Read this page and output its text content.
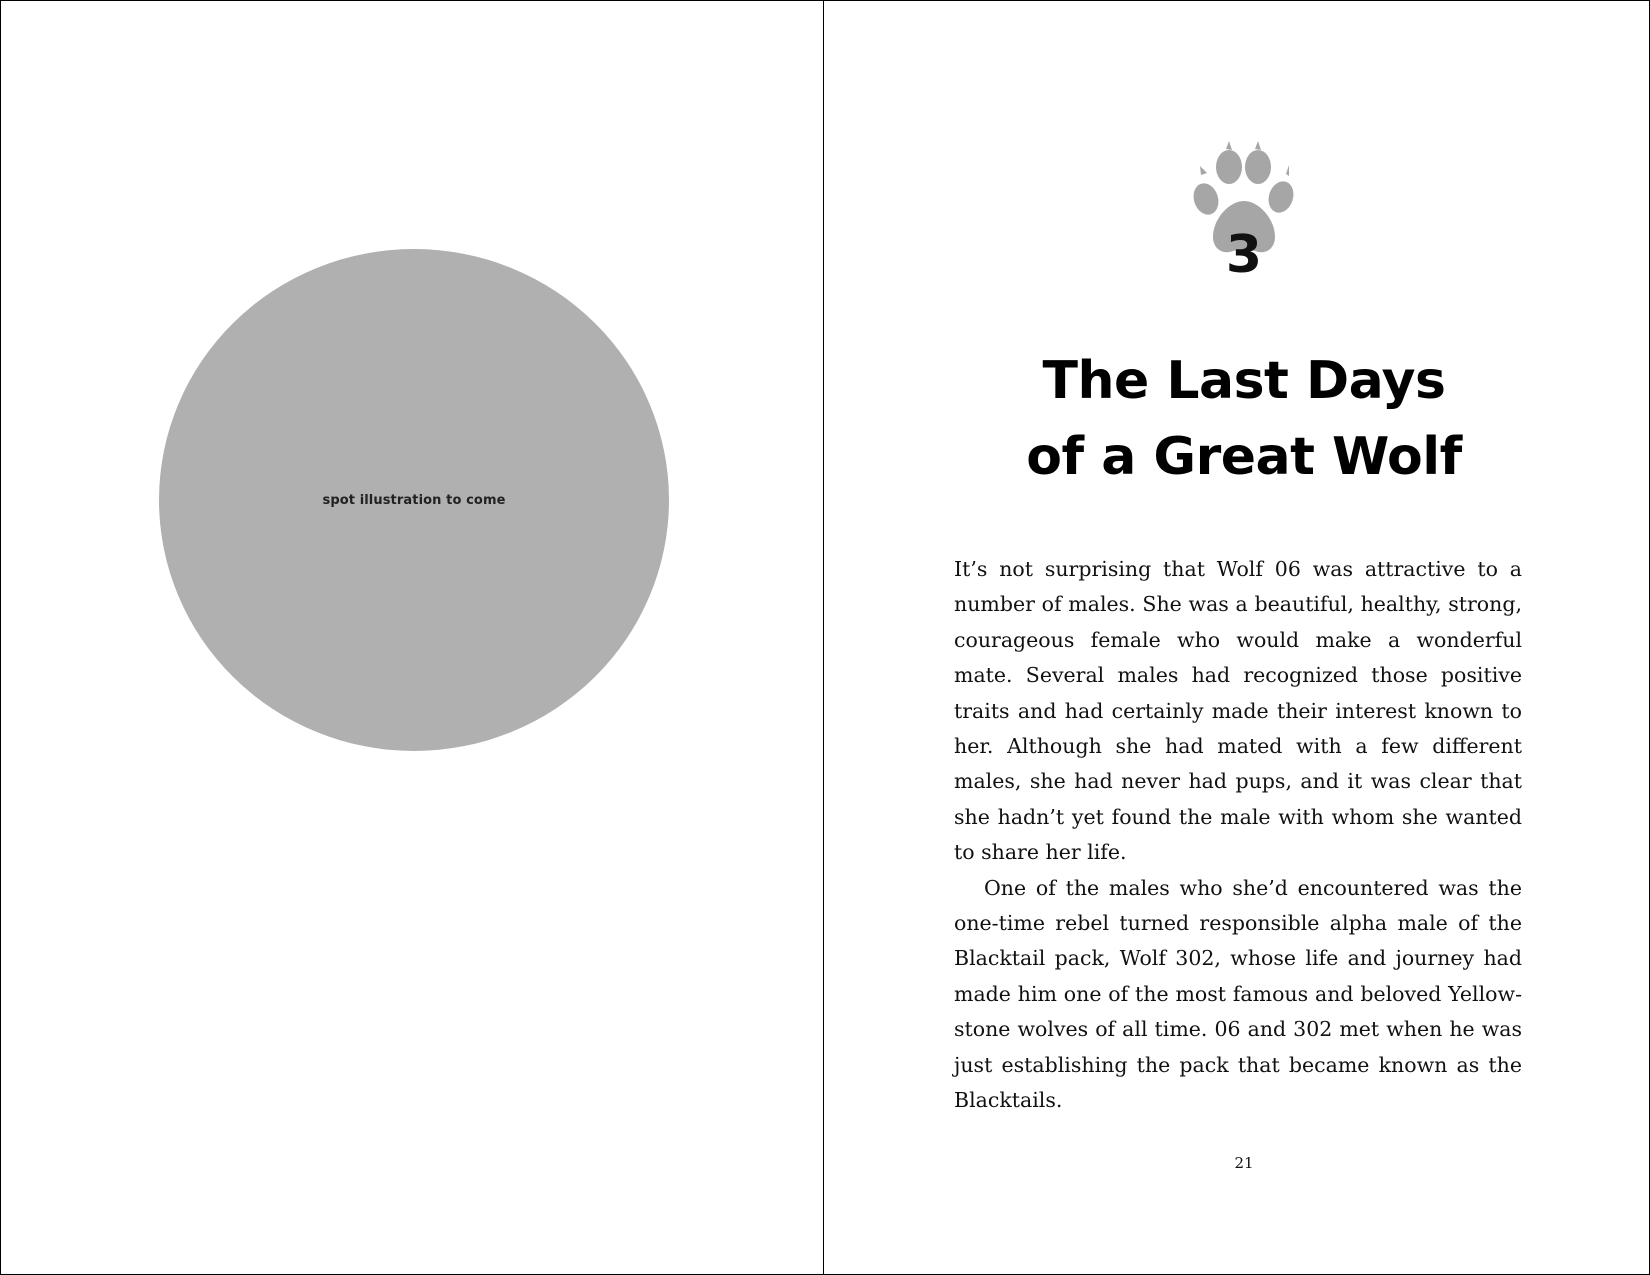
spot illustration to come
3
The Last Days
of a Great Wolf

It’s not surprising that Wolf 06 was attractive to a number of males. She was a beautiful, healthy, strong, courageous female who would make a wonderful mate. Several males had recognized those positive traits and had certainly made their interest known to her. Although she had mated with a few different males, she had never had pups, and it was clear that she hadn’t yet found the male with whom she wanted to share her life.

One of the males who she’d encountered was the one-time rebel turned responsible alpha male of the Blacktail pack, Wolf 302, whose life and journey had made him one of the most famous and beloved Yellowstone wolves of all time. 06 and 302 met when he was just establishing the pack that became known as the Blacktails.

21
